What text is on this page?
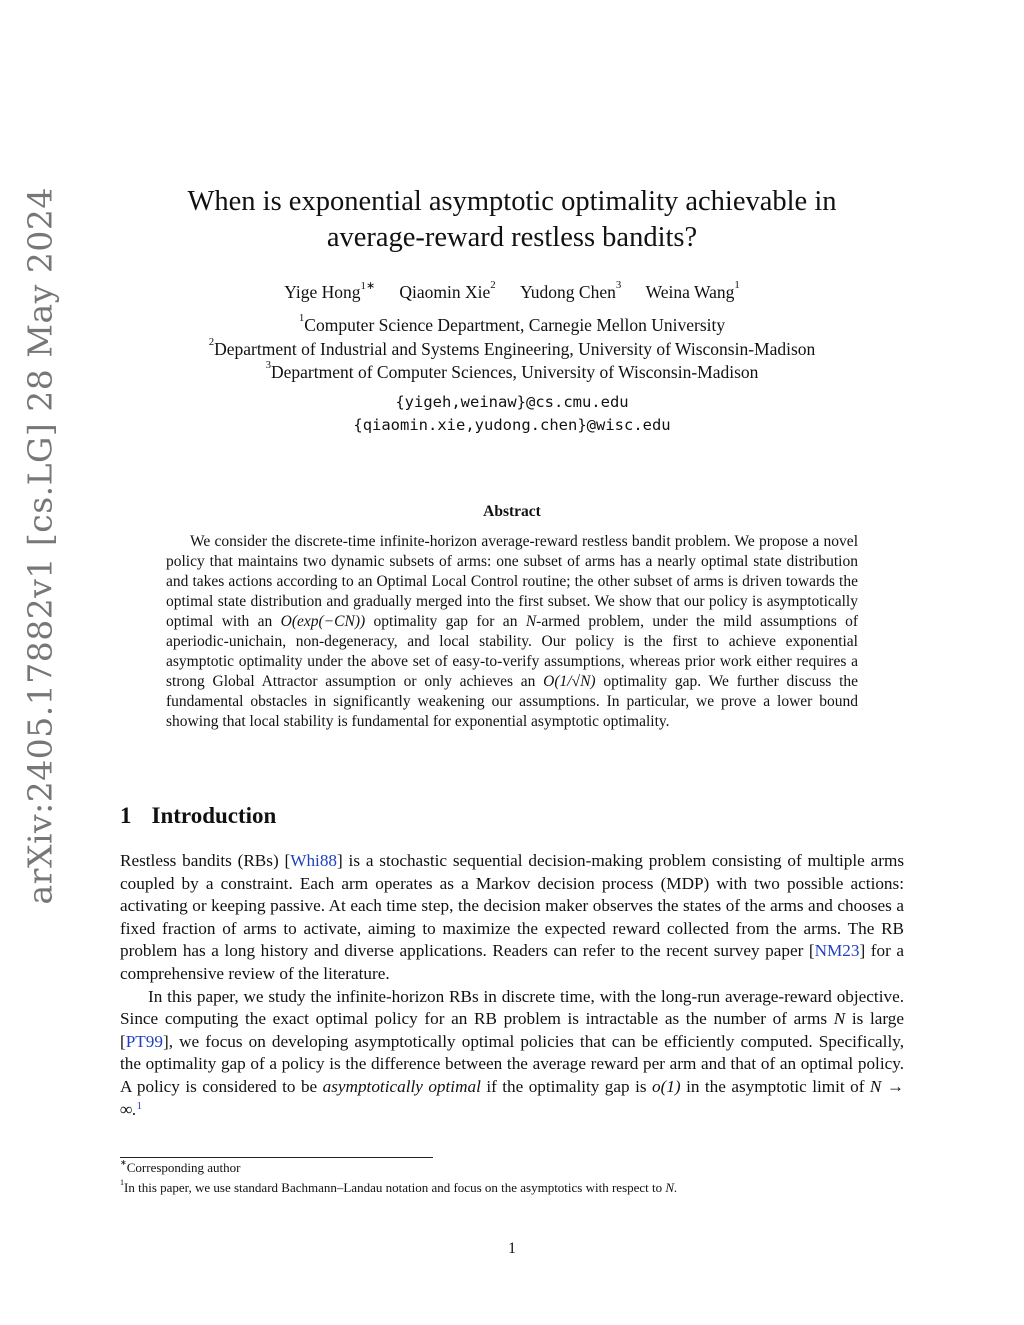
arXiv:2405.17882v1 [cs.LG] 28 May 2024	When is exponential asymptotic optimality achievable in
average-reward restless bandits?
Yige Hong$^{1∗}$ Qiaomin Xie$^2$ Yudong Chen$^3$ Weina Wang$^1$
$^1$Computer Science Department, Carnegie Mellon University
$^2$Department of Industrial and Systems Engineering, University of Wisconsin-Madison
$^3$Department of Computer Sciences, University of Wisconsin-Madison
{yigeh,weinaw}@cs.cmu.edu
{qiaomin.xie,yudong.chen}@wisc.edu
Abstract

We consider the discrete-time infinite-horizon average-reward restless bandit problem. We propose a novel policy that maintains two dynamic subsets of arms: one subset of arms has a nearly optimal state distribution and takes actions according to an Optimal Local Control routine; the other subset of arms is driven towards the optimal state distribution and gradually merged into the first subset. We show that our policy is asymptotically optimal with an O(exp(−CN)) optimality gap for an N-armed problem, under the mild assumptions of aperiodic-unichain, non-degeneracy, and local stability. Our policy is the first to achieve exponential asymptotic optimality under the above set of easy-to-verify assumptions, whereas prior work either requires a strong Global Attractor assumption or only achieves an O(1/√N) optimality gap. We further discuss the fundamental obstacles in significantly weakening our assumptions. In particular, we prove a lower bound showing that local stability is fundamental for exponential asymptotic optimality.

1 Introduction

Restless bandits (RBs) [Whi88] is a stochastic sequential decision-making problem consisting of multiple arms coupled by a constraint. Each arm operates as a Markov decision process (MDP) with two possible actions: activating or keeping passive. At each time step, the decision maker observes the states of the arms and chooses a fixed fraction of arms to activate, aiming to maximize the expected reward collected from the arms. The RB problem has a long history and diverse applications. Readers can refer to the recent survey paper [NM23] for a comprehensive review of the literature.

In this paper, we study the infinite-horizon RBs in discrete time, with the long-run average-reward objective. Since computing the exact optimal policy for an RB problem is intractable as the number of arms N is large [PT99], we focus on developing asymptotically optimal policies that can be efficiently computed. Specifically, the optimality gap of a policy is the difference between the average reward per arm and that of an optimal policy. A policy is considered to be asymptotically optimal if the optimality gap is o(1) in the asymptotic limit of N → ∞.$^1$

∗Corresponding author
$^1$In this paper, we use standard Bachmann–Landau notation and focus on the asymptotics with respect to N.
1
